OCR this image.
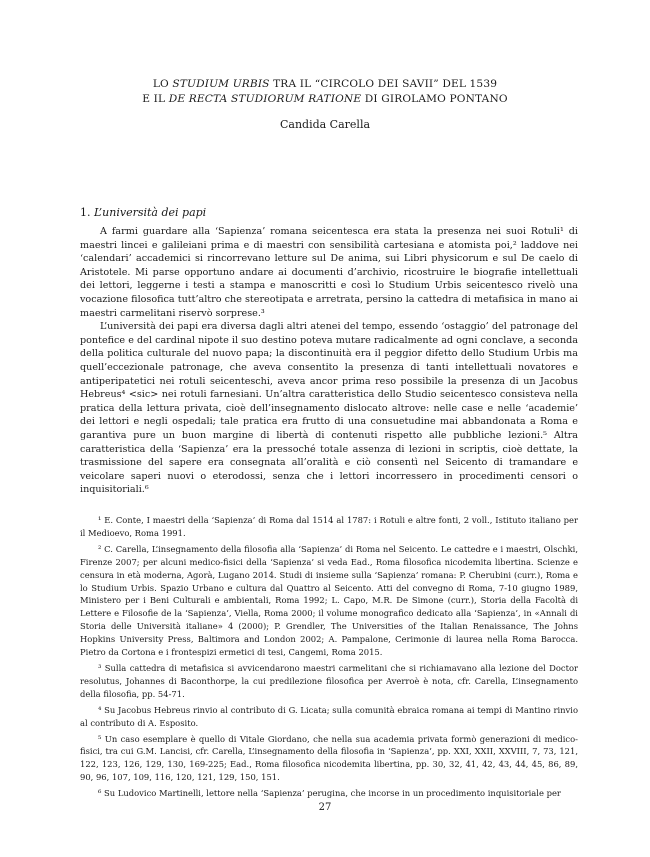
LO STUDIUM URBIS TRA IL “CIRCOLO DEI SAVII” DEL 1539
E IL DE RECTA STUDIORUM RATIONE DI GIROLAMO PONTANO
Candida Carella
1. L’università dei papi

A farmi guardare alla ‘Sapienza’ romana seicentesca era stata la presenza nei suoi Rotuli¹ di maestri lincei e galileiani prima e di maestri con sensibilità cartesiana e atomista poi,² laddove nei ‘calendari’ accademici si rincorrevano letture sul De anima, sui Libri physicorum e sul De caelo di Aristotele. Mi parse opportuno andare ai documenti d’archivio, ricostruire le biografie intellettuali dei lettori, leggerne i testi a stampa e manoscritti e così lo Studium Urbis seicentesco rivelò una vocazione filosofica tutt’altro che stereotipata e arretrata, persino la cattedra di metafisica in mano ai maestri carmelitani riservò sorprese.³

L’università dei papi era diversa dagli altri atenei del tempo, essendo ‘ostaggio’ del patronage del pontefice e del cardinal nipote il suo destino poteva mutare radicalmente ad ogni conclave, a seconda della politica culturale del nuovo papa; la discontinuità era il peggior difetto dello Studium Urbis ma quell’eccezionale patronage, che aveva consentito la presenza di tanti intellettuali novatores e antiperipatetici nei rotuli seicenteschi, aveva ancor prima reso possibile la presenza di un Jacobus Hebreus⁴ <sic> nei rotuli farnesiani. Un’altra caratteristica dello Studio seicentesco consisteva nella pratica della lettura privata, cioè dell’insegnamento dislocato altrove: nelle case e nelle ‘academie’ dei lettori e negli ospedali; tale pratica era frutto di una consuetudine mai abbandonata a Roma e garantiva pure un buon margine di libertà di contenuti rispetto alle pubbliche lezioni.⁵ Altra caratteristica della ‘Sapienza’ era la pressoché totale assenza di lezioni in scriptis, cioè dettate, la trasmissione del sapere era consegnata all’oralità e ciò consentì nel Seicento di tramandare e veicolare saperi nuovi o eterodossi, senza che i lettori incorressero in procedimenti censori o inquisitoriali.⁶

¹ E. Conte, I maestri della ‘Sapienza’ di Roma dal 1514 al 1787: i Rotuli e altre fonti, 2 voll., Istituto italiano per il Medioevo, Roma 1991.

² C. Carella, L’insegnamento della filosofia alla ‘Sapienza’ di Roma nel Seicento. Le cattedre e i maestri, Olschki, Firenze 2007; per alcuni medico-fisici della ‘Sapienza’ si veda Ead., Roma filosofica nicodemita libertina. Scienze e censura in età moderna, Agorà, Lugano 2014. Studi di insieme sulla ‘Sapienza’ romana: P. Cherubini (curr.), Roma e lo Studium Urbis. Spazio Urbano e cultura dal Quattro al Seicento. Atti del convegno di Roma, 7-10 giugno 1989, Ministero per i Beni Culturali e ambientali, Roma 1992; L. Capo, M.R. De Simone (curr.), Storia della Facoltà di Lettere e Filosofie de la ‘Sapienza’, Viella, Roma 2000; il volume monografico dedicato alla ‘Sapienza’, in «Annali di Storia delle Università italiane» 4 (2000); P. Grendler, The Universities of the Italian Renaissance, The Johns Hopkins University Press, Baltimora and London 2002; A. Pampalone, Cerimonie di laurea nella Roma Barocca. Pietro da Cortona e i frontespizi ermetici di tesi, Cangemi, Roma 2015.

³ Sulla cattedra di metafisica si avvicendarono maestri carmelitani che si richiamavano alla lezione del Doctor resolutus, Johannes di Baconthorpe, la cui predilezione filosofica per Averroè è nota, cfr. Carella, L’insegnamento della filosofia, pp. 54-71.

⁴ Su Jacobus Hebreus rinvio al contributo di G. Licata; sulla comunità ebraica romana ai tempi di Mantino rinvio al contributo di A. Esposito.

⁵ Un caso esemplare è quello di Vitale Giordano, che nella sua academia privata formò generazioni di medico-fisici, tra cui G.M. Lancisi, cfr. Carella, L’insegnamento della filosofia in ‘Sapienza’, pp. XXI, XXII, XXVIII, 7, 73, 121, 122, 123, 126, 129, 130, 169-225; Ead., Roma filosofica nicodemita libertina, pp. 30, 32, 41, 42, 43, 44, 45, 86, 89, 90, 96, 107, 109, 116, 120, 121, 129, 150, 151.

⁶ Su Ludovico Martinelli, lettore nella ‘Sapienza’ perugina, che incorse in un procedimento inquisitoriale per

27
